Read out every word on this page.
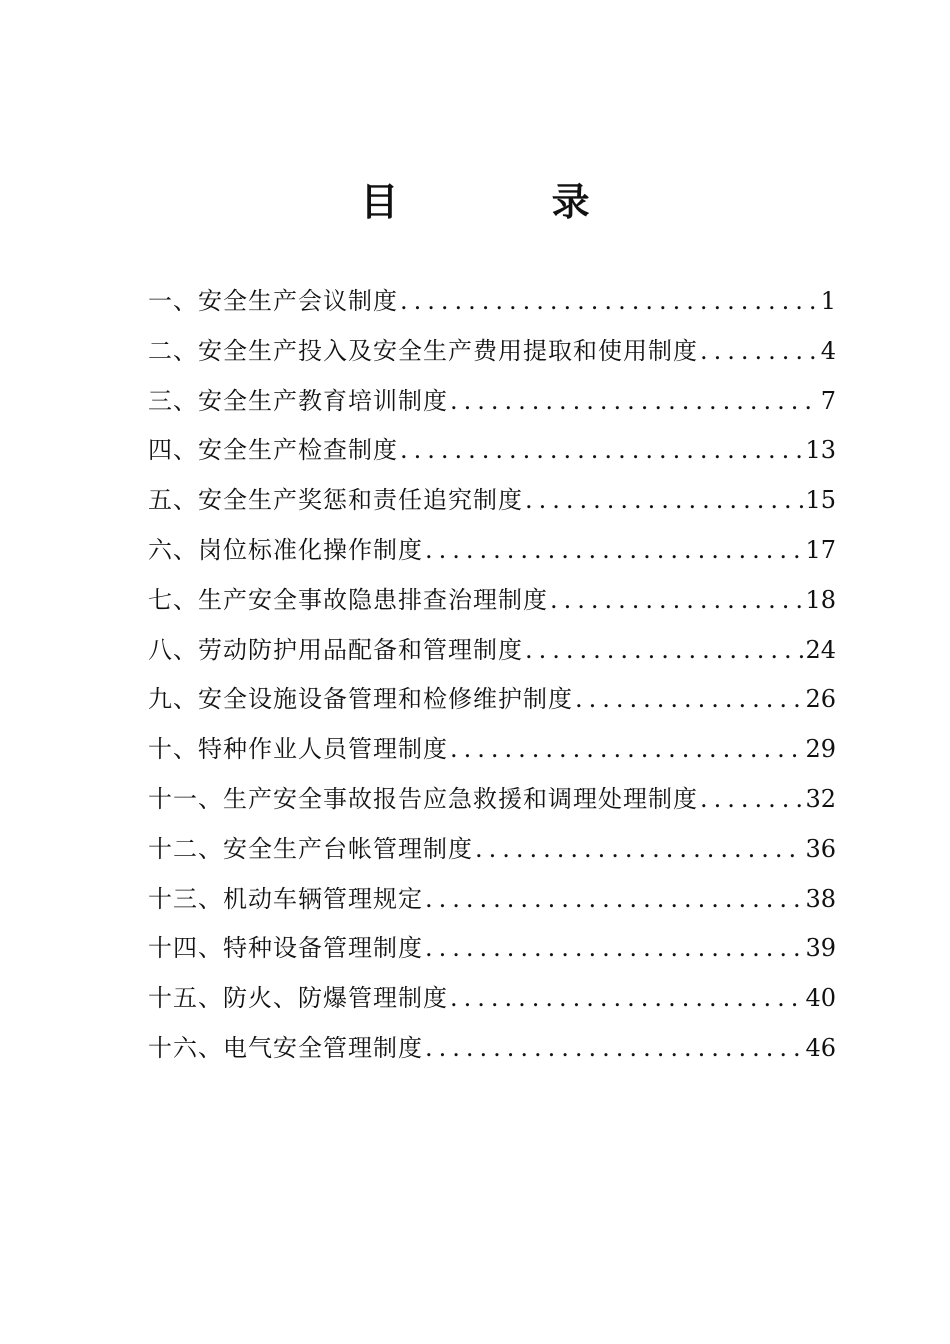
目 录
一、安全生产会议制度 .....	1
二、安全生产投入及安全生产费用提取和使用制度 .....	4
三、安全生产教育培训制度 .....	7
四、安全生产检查制度 .....	13
五、安全生产奖惩和责任追究制度 .....	15
六、岗位标准化操作制度 .....	17
七、生产安全事故隐患排查治理制度 .....	18
八、劳动防护用品配备和管理制度 .....	24
九、安全设施设备管理和检修维护制度 .....	26
十、特种作业人员管理制度 .....	29
十一、生产安全事故报告应急救援和调理处理制度 .....	32
十二、安全生产台帐管理制度 .....	36
十三、机动车辆管理规定 .....	38
十四、特种设备管理制度 .....	39
十五、防火、防爆管理制度 .....	40
十六、电气安全管理制度 .....	46
